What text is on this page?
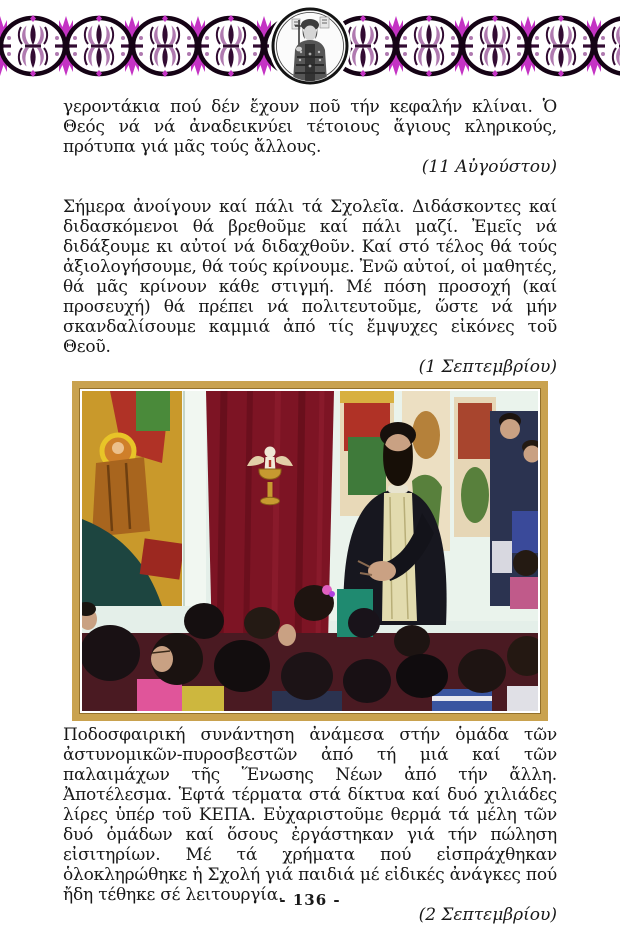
γεροντάκια πού δέν ἔχουν ποῦ τήν κεφαλήν κλίναι. Ὁ Θεός νά νά ἀναδεικνύει τέτοιους ἅγιους κληρικούς, πρότυπα γιά μᾶς τούς ἄλλους.

(11 Αὐγούστου)

Σήμερα ἀνοίγουν καί πάλι τά Σχολεῖα. Διδάσκοντες καί διδασκόμενοι θά βρεθοῦμε καί πάλι μαζί. Ἐμεῖς νά διδάξουμε κι αὐτοί νά διδαχθοῦν. Καί στό τέλος θά τούς ἀξιολογήσουμε, θά τούς κρίνουμε. Ἐνῶ αὐτοί, οἱ μαθητές, θά μᾶς κρίνουν κάθε στιγμή. Μέ πόση προσοχή (καί προσευχή) θά πρέπει νά πολιτευτοῦμε, ὥστε νά μήν σκανδαλίσουμε καμμιά ἀπό τίς ἔμψυχες εἰκόνες τοῦ Θεοῦ.

(1 Σεπτεμβρίου)

Ποδοσφαιρική συνάντηση ἀνάμεσα στήν ὁμάδα τῶν ἀστυνομικῶν-πυροσβεστῶν ἀπό τή μιά καί τῶν παλαιμάχων τῆς Ἕνωσης Νέων ἀπό τήν ἄλλη. Ἀποτέλεσμα. Ἑφτά τέρματα στά δίκτυα καί δυό χιλιάδες λίρες ὑπέρ τοῦ ΚΕΠΑ. Εὐχαριστοῦμε θερμά τά μέλη τῶν δυό ὁμάδων καί ὅσους ἐργάστηκαν γιά τήν πώληση εἰσιτηρίων. Μέ τά χρήματα πού εἰσπράχθηκαν ὁλοκληρώθηκε ἡ Σχολή γιά παιδιά μέ εἰδικές ἀνάγκες πού ἤδη τέθηκε σέ λειτουργία.

(2 Σεπτεμβρίου)

- 136 -
